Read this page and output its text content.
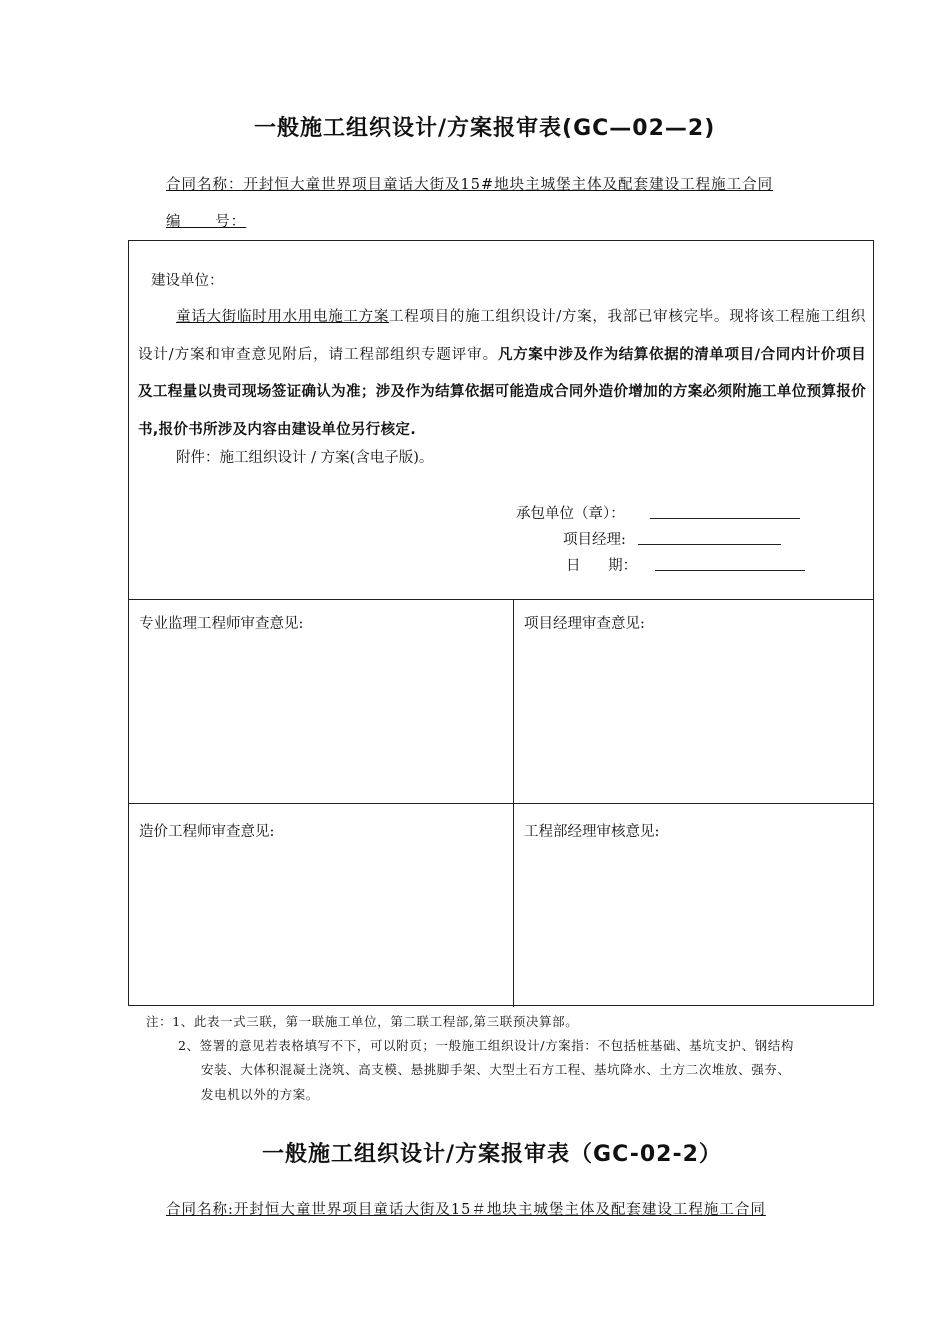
一般施工组织设计/方案报审表(GC—02—2)
合同名称：开封恒大童世界项目童话大街及15#地块主城堡主体及配套建设工程施工合同
编      号：
建设单位：
童话大街临时用水用电施工方案工程项目的施工组织设计/方案，我部已审核完毕。现将该工程施工组织设计/方案和审查意见附后，请工程部组织专题评审。凡方案中涉及作为结算依据的清单项目/合同内计价项目及工程量以贵司现场签证确认为准；涉及作为结算依据可能造成合同外造价增加的方案必须附施工单位预算报价书,报价书所涉及内容由建设单位另行核定.
附件：施工组织设计 / 方案(含电子版)。
承包单位（章）：
项目经理:
日      期：
专业监理工程师审查意见:	项目经理审查意见:
造价工程师审查意见:	工程部经理审核意见:
注：1、此表一式三联，第一联施工单位，第二联工程部,第三联预决算部。
2、签署的意见若表格填写不下，可以附页；一般施工组织设计/方案指：不包括桩基础、基坑支护、钢结构
安装、大体积混凝土浇筑、高支模、悬挑脚手架、大型土石方工程、基坑降水、土方二次堆放、强夯、
发电机以外的方案。
一般施工组织设计/方案报审表（GC-02-2）
合同名称:开封恒大童世界项目童话大街及15＃地块主城堡主体及配套建设工程施工合同
